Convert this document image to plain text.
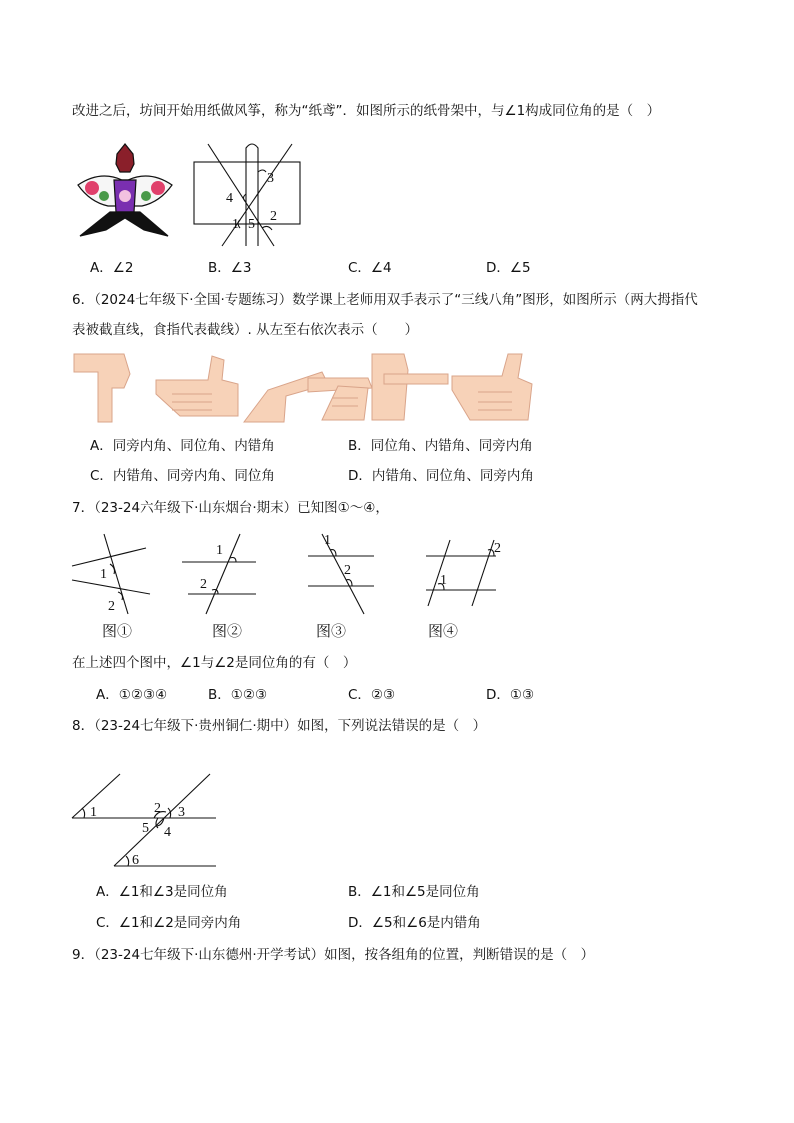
改进之后，坊间开始用纸做风筝，称为“纸鸢”．如图所示的纸骨架中，与∠1构成同位角的是（　）
1
2
3
4
5
A．∠2	B．∠3	C．∠4	D．∠5
6．（2024七年级下·全国·专题练习）数学课上老师用双手表示了“三线八角”图形，如图所示（两大拇指代
表被截直线，食指代表截线）. 从左至右依次表示（　　）
A．同旁内角、同位角、内错角	B．同位角、内错角、同旁内角
C．内错角、同旁内角、同位角	D．内错角、同位角、同旁内角
7．（23-24六年级下·山东烟台·期末）已知图①～④，
1
2
图①
1
2
图②
1
2
图③
2
1
图④
在上述四个图中，∠1与∠2是同位角的有（　）
A．①②③④	B．①②③	C．②③	D．①③
8．（23-24七年级下·贵州铜仁·期中）如图，下列说法错误的是（　）
1	2 3
4
5
6
A．∠1和∠3是同位角	B．∠1和∠5是同位角
C．∠1和∠2是同旁内角	D．∠5和∠6是内错角
9．（23-24七年级下·山东德州·开学考试）如图，按各组角的位置，判断错误的是（　）
